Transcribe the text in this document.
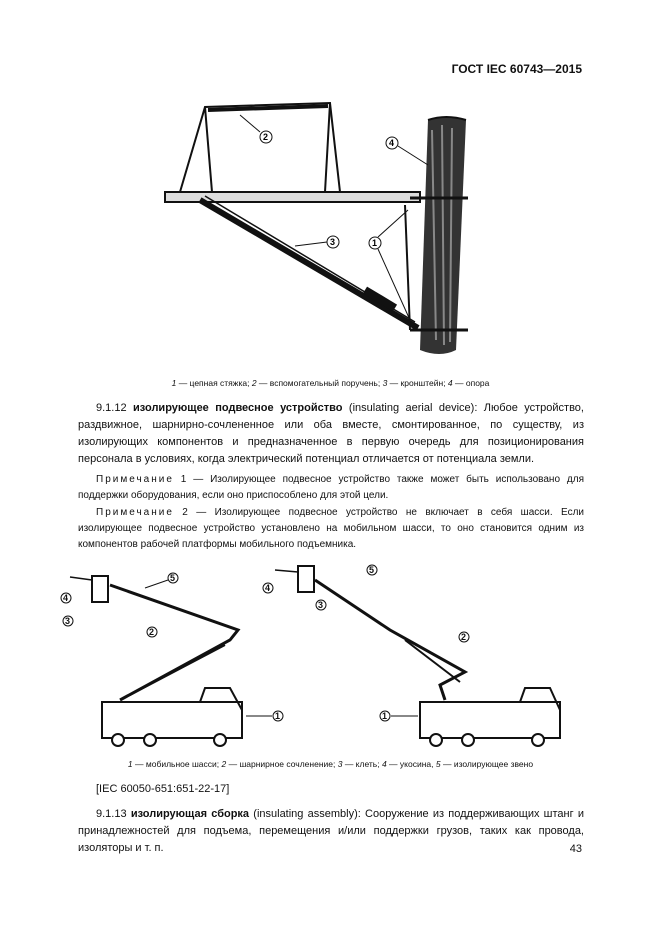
ГОСТ IEC 60743—2015
2
4
3	1
1 — цепная стяжка; 2 — вспомогательный поручень; 3 — кронштейн; 4 — опора
9.1.12 изолирующее подвесное устройство (insulating aerial device): Любое устройство, раздвижное, шарнирно-сочлененное или оба вместе, смонтированное, по существу, из изолирующих компонентов и предназначенное в первую очередь для позиционирования персонала в условиях, когда электрический потенциал отличается от потенциала земли.
Примечание 1 — Изолирующее подвесное устройство также может быть использовано для поддержки оборудования, если оно приспособлено для этой цели.
Примечание 2 — Изолирующее подвесное устройство не включает в себя шасси. Если изолирующее подвесное устройство установлено на мобильном шасси, то оно становится одним из компонентов рабочей платформы мобильного подъемника.
4
3
5
2
1
4
3
5
2
1
1 — мобильное шасси; 2 — шарнирное сочленение; 3 — клеть; 4 — укосина, 5 — изолирующее звено
[IEC 60050-651:651-22-17]
9.1.13 изолирующая сборка (insulating assembly): Сооружение из поддерживающих штанг и принадлежностей для подъема, перемещения и/или поддержки грузов, таких как провода, изоляторы и т. п.	43
